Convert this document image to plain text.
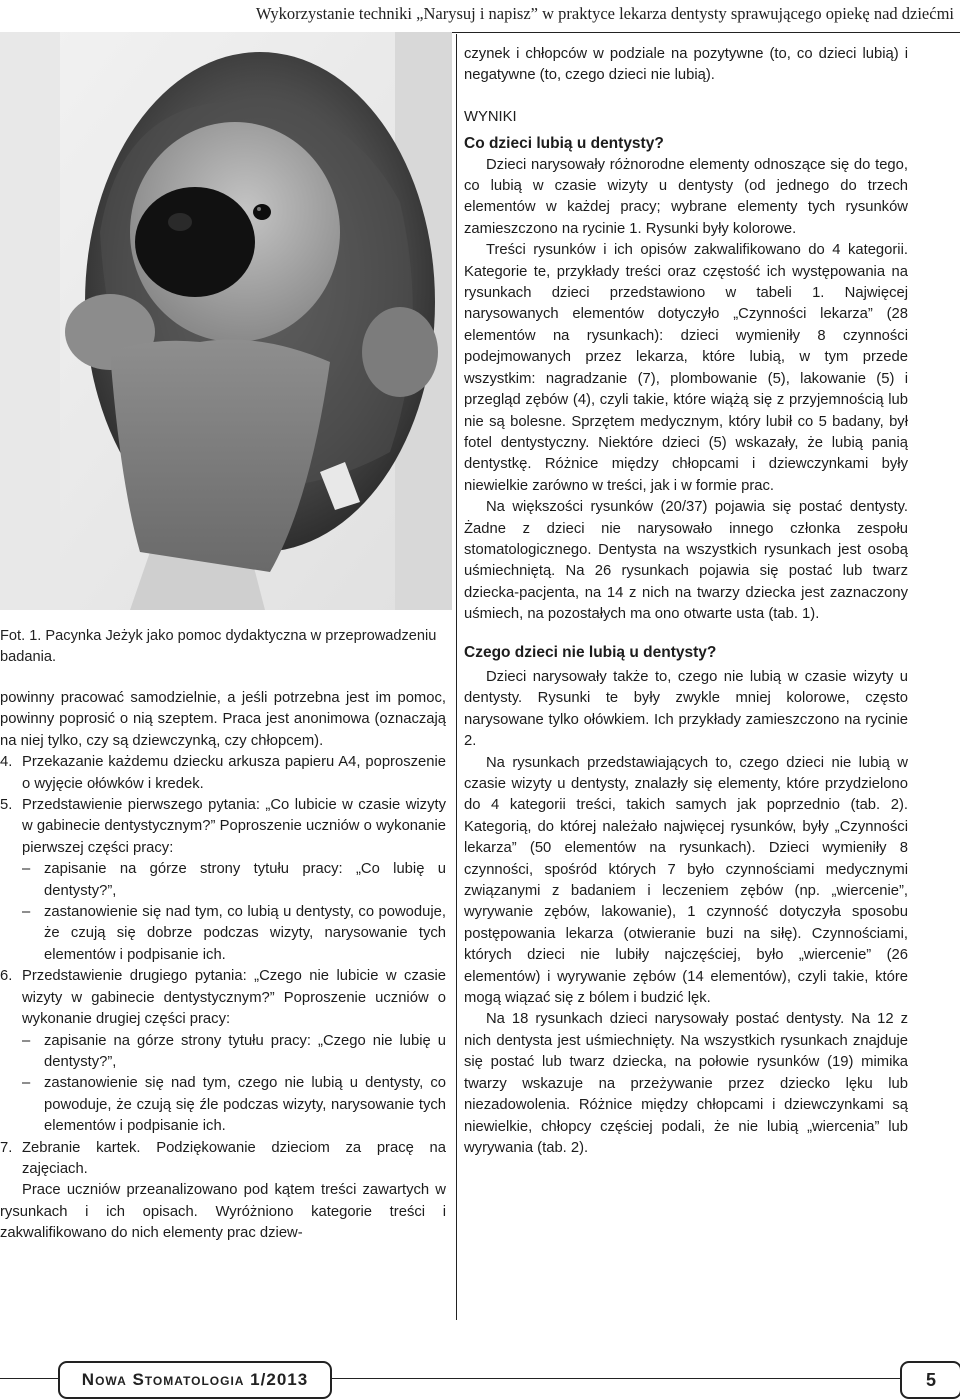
Wykorzystanie techniki „Narysuj i napisz” w praktyce lekarza dentysty sprawującego opiekę nad dziećmi
Fot. 1. Pacynka Jeżyk jako pomoc dydaktyczna w przeprowadzeniu badania.

powinny pracować samodzielnie, a jeśli potrzebna jest im pomoc, powinny poprosić o nią szeptem. Praca jest anonimowa (oznaczają na niej tylko, czy są dziewczynką, czy chłopcem).

4. Przekazanie każdemu dziecku arkusza papieru A4, poproszenie o wyjęcie ołówków i kredek.
5. Przedstawienie pierwszego pytania: „Co lubicie w czasie wizyty w gabinecie dentystycznym?” Poproszenie uczniów o wykonanie pierwszej części pracy:
– zapisanie na górze strony tytułu pracy: „Co lubię u dentysty?”,
– zastanowienie się nad tym, co lubią u dentysty, co powoduje, że czują się dobrze podczas wizyty, narysowanie tych elementów i podpisanie ich.
6. Przedstawienie drugiego pytania: „Czego nie lubicie w czasie wizyty w gabinecie dentystycznym?” Poproszenie uczniów o wykonanie drugiej części pracy:
– zapisanie na górze strony tytułu pracy: „Czego nie lubię u dentysty?”,
– zastanowienie się nad tym, czego nie lubią u dentysty, co powoduje, że czują się źle podczas wizyty, narysowanie tych elementów i podpisanie ich.
7. Zebranie kartek. Podziękowanie dzieciom za pracę na zajęciach.

Prace uczniów przeanalizowano pod kątem treści zawartych w rysunkach i ich opisach. Wyróżniono kategorie treści i zakwalifikowano do nich elementy prac dziew-

czynek i chłopców w podziale na pozytywne (to, co dzieci lubią) i negatywne (to, czego dzieci nie lubią).

WYNIKI

Co dzieci lubią u dentysty?

Dzieci narysowały różnorodne elementy odnoszące się do tego, co lubią w czasie wizyty u dentysty (od jednego do trzech elementów w każdej pracy; wybrane elementy tych rysunków zamieszczono na rycinie 1. Rysunki były kolorowe.

Treści rysunków i ich opisów zakwalifikowano do 4 kategorii. Kategorie te, przykłady treści oraz częstość ich występowania na rysunkach dzieci przedstawiono w tabeli 1. Najwięcej narysowanych elementów dotyczyło „Czynności lekarza” (28 elementów na rysunkach): dzieci wymieniły 8 czynności podejmowanych przez lekarza, które lubią, w tym przede wszystkim: nagradzanie (7), plombowanie (5), lakowanie (5) i przegląd zębów (4), czyli takie, które wiążą się z przyjemnością lub nie są bolesne. Sprzętem medycznym, który lubił co 5 badany, był fotel dentystyczny. Niektóre dzieci (5) wskazały, że lubią panią dentystkę. Różnice między chłopcami i dziewczynkami były niewielkie zarówno w treści, jak i w formie prac.

Na większości rysunków (20/37) pojawia się postać dentysty. Żadne z dzieci nie narysowało innego członka zespołu stomatologicznego. Dentysta na wszystkich rysunkach jest osobą uśmiechniętą. Na 26 rysunkach pojawia się postać lub twarz dziecka-pacjenta, na 14 z nich na twarzy dziecka jest zaznaczony uśmiech, na pozostałych ma ono otwarte usta (tab. 1).

Czego dzieci nie lubią u dentysty?

Dzieci narysowały także to, czego nie lubią w czasie wizyty u dentysty. Rysunki te były zwykle mniej kolorowe, często narysowane tylko ołówkiem. Ich przykłady zamieszczono na rycinie 2.

Na rysunkach przedstawiających to, czego dzieci nie lubią w czasie wizyty u dentysty, znalazły się elementy, które przydzielono do 4 kategorii treści, takich samych jak poprzednio (tab. 2). Kategorią, do której należało najwięcej rysunków, były „Czynności lekarza” (50 elementów na rysunkach). Dzieci wymieniły 8 czynności, spośród których 7 było czynnościami medycznymi związanymi z badaniem i leczeniem zębów (np. „wiercenie”, wyrywanie zębów, lakowanie), 1 czynność dotyczyła sposobu postępowania lekarza (otwieranie buzi na siłę). Czynnościami, których dzieci nie lubiły najczęściej, było „wiercenie” (26 elementów) i wyrywanie zębów (14 elementów), czyli takie, które mogą wiązać się z bólem i budzić lęk.

Na 18 rysunkach dzieci narysowały postać dentysty. Na 12 z nich dentysta jest uśmiechnięty. Na wszystkich rysunkach znajduje się postać lub twarz dziecka, na połowie rysunków (19) mimika twarzy wskazuje na przeżywanie przez dziecko lęku lub niezadowolenia. Różnice między chłopcami i dziewczynkami są niewielkie, chłopcy częściej podali, że nie lubią „wiercenia” lub wyrywania (tab. 2).

Nowa Stomatologia 1/2013	5
